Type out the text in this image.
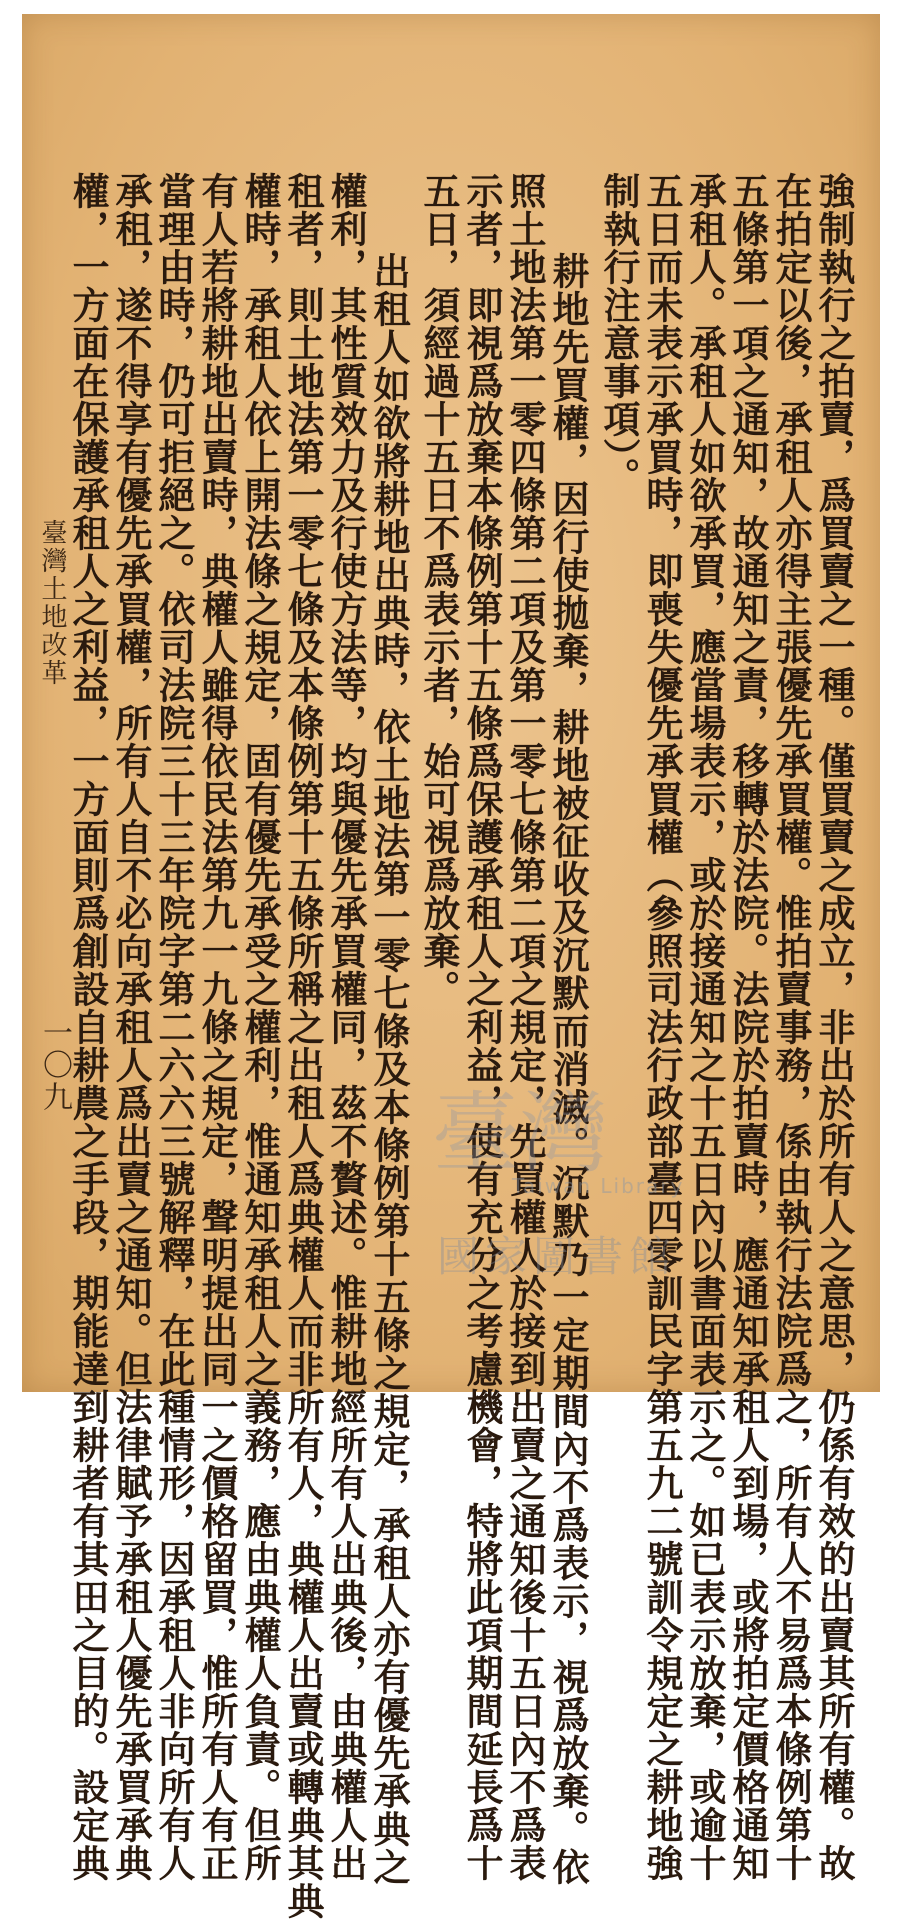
強制執行之拍賣，爲買賣之一種。僅買賣之成立，非出於所有人之意思，仍係有效的出賣其所有權。故
在拍定以後，承租人亦得主張優先承買權。惟拍賣事務，係由執行法院爲之，所有人不易爲本條例第十
五條第一項之通知，故通知之責，移轉於法院。法院於拍賣時，應通知承租人到場，或將拍定價格通知
承租人。承租人如欲承買，應當場表示，或於接通知之十五日內以書面表示之。如已表示放棄，或逾十
五日而未表示承買時，即喪失優先承買權（參照司法行政部臺四零訓民字第五九二號訓令規定之耕地強
制執行注意事項）。
耕地先買權，因行使拋棄，耕地被征收及沉默而消滅。沉默乃一定期間內不爲表示，視爲放棄。依
照土地法第一零四條第二項及第一零七條第二項之規定，先買權人於接到出賣之通知後十五日內不爲表
示者，即視爲放棄本條例第十五條爲保護承租人之利益，使有充分之考慮機會，特將此項期間延長爲十
五日，須經過十五日不爲表示者，始可視爲放棄。
出租人如欲將耕地出典時，依土地法第一零七條及本條例第十五條之規定，承租人亦有優先承典之
權利，其性質效力及行使方法等，均與優先承買權同，茲不贅述。惟耕地經所有人出典後，由典權人出
租者，則土地法第一零七條及本條例第十五條所稱之出租人爲典權人而非所有人，典權人出賣或轉典其典
權時，承租人依上開法條之規定，固有優先承受之權利，惟通知承租人之義務，應由典權人負責。但所
有人若將耕地出賣時，典權人雖得依民法第九一九條之規定，聲明提出同一之價格留買，惟所有人有正
當理由時，仍可拒絕之。依司法院三十三年院字第二六六三號解釋，在此種情形，因承租人非向所有人
承租，遂不得享有優先承買權，所有人自不必向承租人爲出賣之通知。但法律賦予承租人優先承買承典
權，一方面在保護承租人之利益，一方面則爲創設自耕農之手段，期能達到耕者有其田之目的。設定典
臺灣土地改革
一〇九
臺灣
Taiwan Library
國家圖書館
